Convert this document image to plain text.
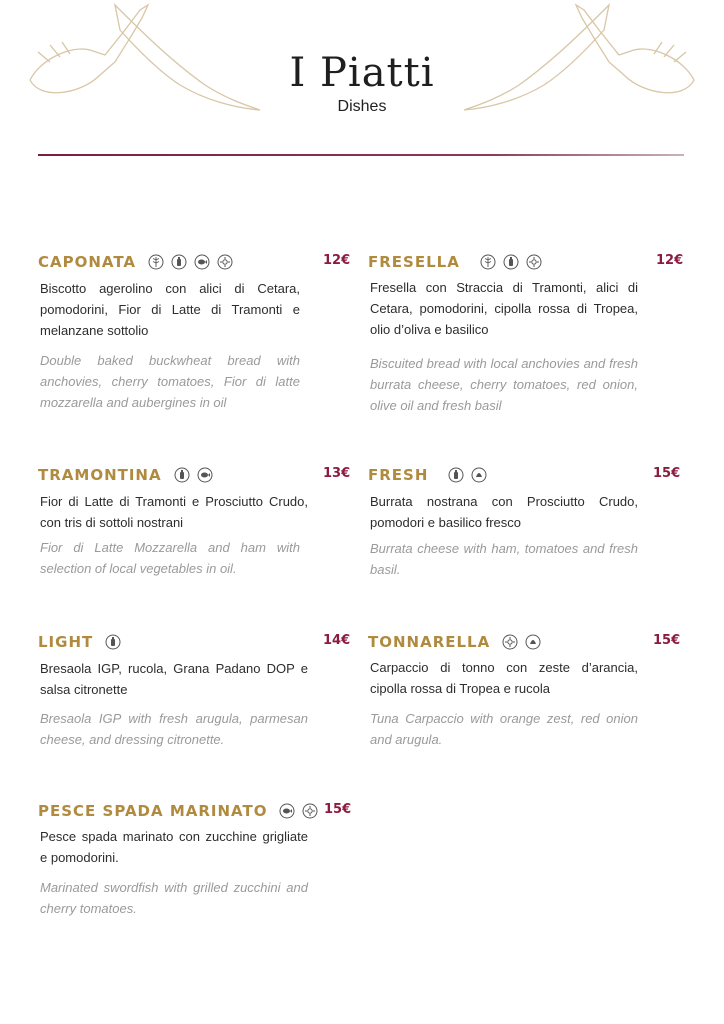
I Piatti
Dishes
CAPONATA	12€
Biscotto agerolino con alici di Cetara, pomodorini, Fior di Latte di Tramonti e melanzane sottolio
Double baked buckwheat bread with anchovies, cherry tomatoes, Fior di latte mozzarella and aubergines in oil
FRESELLA	12€
Fresella con Straccia di Tramonti, alici di Cetara, pomodorini, cipolla rossa di Tropea, olio d’oliva e basilico
Biscuited bread with local anchovies and fresh burrata cheese, cherry tomatoes, red onion, olive oil and fresh basil
TRAMONTINA	13€
Fior di Latte di Tramonti e Prosciutto Crudo, con tris di sottoli nostrani
Fior di Latte Mozzarella and ham with selection of local vegetables in oil.
FRESH	15€
Burrata nostrana con Prosciutto Crudo, pomodori e basilico fresco
Burrata cheese with ham, tomatoes and fresh basil.
LIGHT	14€
Bresaola IGP, rucola, Grana Padano DOP e salsa citronette
Bresaola IGP with fresh arugula, parmesan cheese, and dressing citronette.
TONNARELLA	15€
Carpaccio di tonno con zeste d’arancia, cipolla rossa di Tropea e rucola
Tuna Carpaccio with orange zest, red onion and arugula.
PESCE SPADA MARINATO	15€
Pesce spada marinato con zucchine grigliate e pomodorini.
Marinated swordfish with grilled zucchini and cherry tomatoes.
